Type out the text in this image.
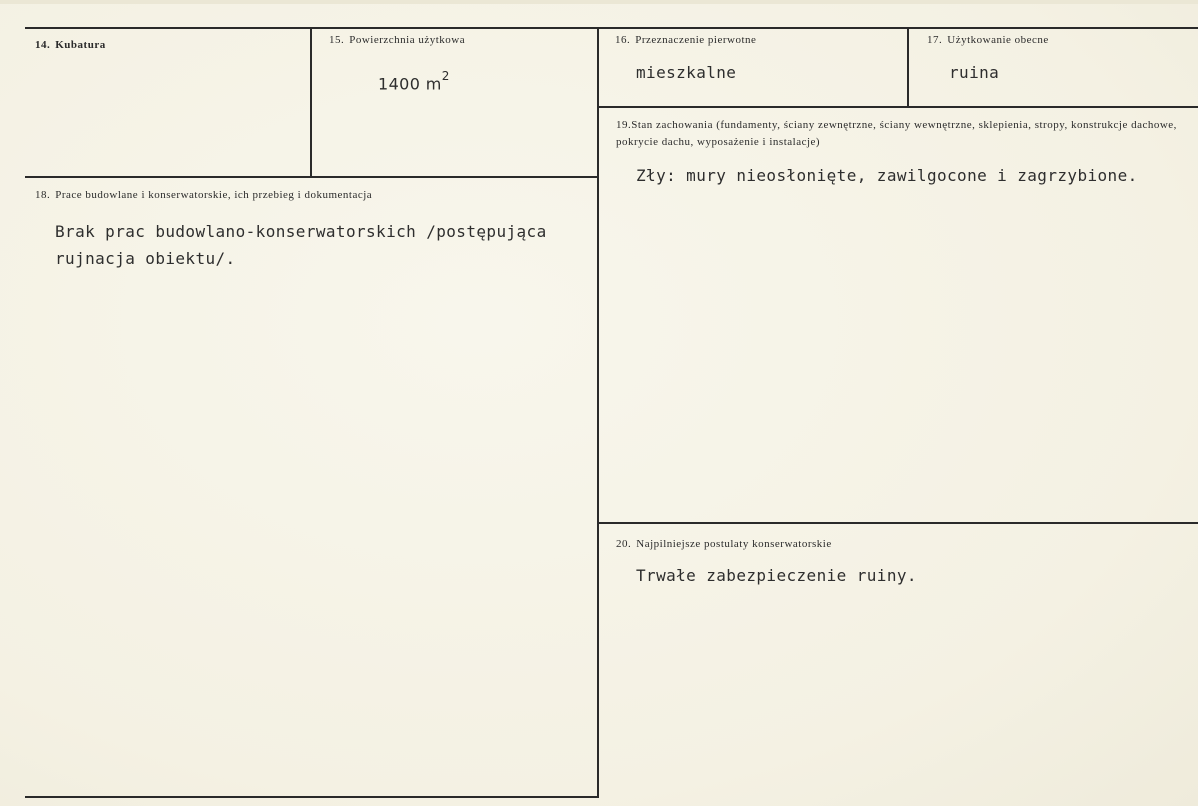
14. Kubatura	15. Powierzchnia użytkowa
1400 $m^2$
16. Przeznaczenie pierwotne
mieszkalne
17. Użytkowanie obecne
ruina
18. Prace budowlane i konserwatorskie, ich przebieg i dokumentacja
Brak prac budowlano-konserwatorskich /postępująca rujnacja obiektu/.
19.Stan zachowania (fundamenty, ściany zewnętrzne, ściany wewnętrzne, sklepienia, stropy, konstrukcje dachowe, pokrycie dachu, wyposażenie i instalacje)
Zły: mury nieosłonięte, zawilgocone i zagrzybione.
20. Najpilniejsze postulaty konserwatorskie
Trwałe zabezpieczenie ruiny.
